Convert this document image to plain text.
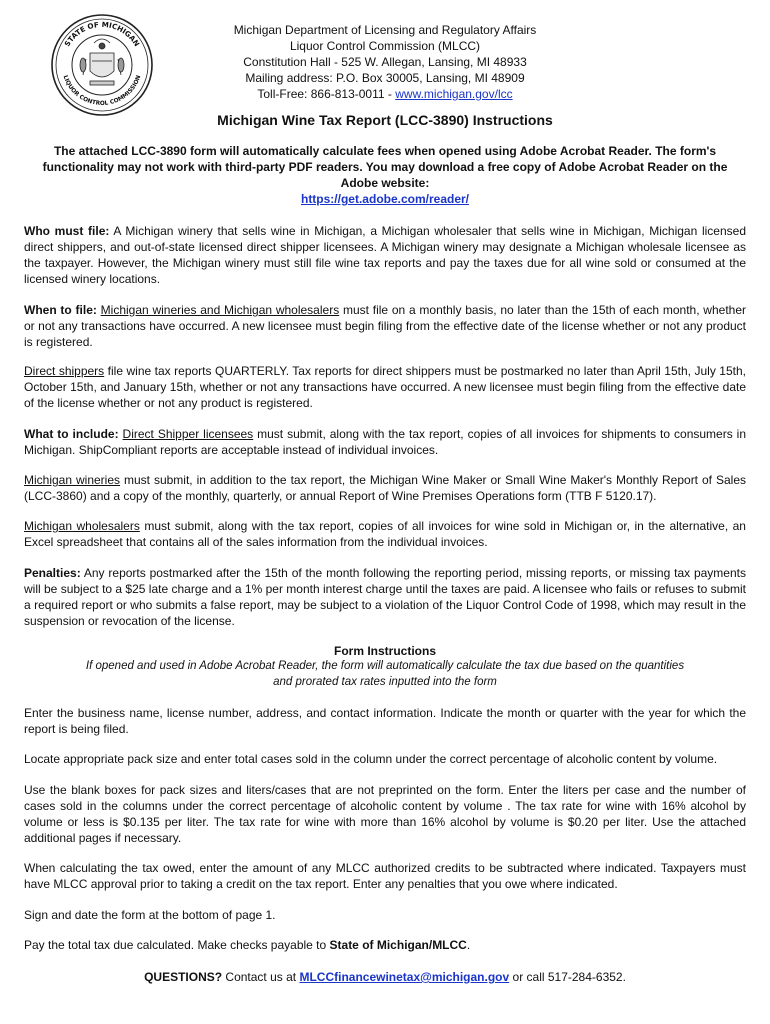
STATE OF MICHIGAN
LIQUOR CONTROL COMMISSION
Michigan Department of Licensing and Regulatory Affairs
Liquor Control Commission (MLCC)
Constitution Hall - 525 W. Allegan, Lansing, MI 48933
Mailing address: P.O. Box 30005, Lansing, MI 48909
Toll-Free: 866-813-0011 - www.michigan.gov/lcc
Michigan Wine Tax Report (LCC-3890) Instructions
The attached LCC-3890 form will automatically calculate fees when opened using Adobe Acrobat Reader. The form's functionality may not work with third-party PDF readers. You may download a free copy of Adobe Acrobat Reader on the Adobe website:
https://get.adobe.com/reader/
Who must file: A Michigan winery that sells wine in Michigan, a Michigan wholesaler that sells wine in Michigan, Michigan licensed direct shippers, and out-of-state licensed direct shipper licensees. A Michigan winery may designate a Michigan wholesale licensee as the taxpayer. However, the Michigan winery must still file wine tax reports and pay the taxes due for all wine sold or consumed at the licensed winery locations.
When to file: Michigan wineries and Michigan wholesalers must file on a monthly basis, no later than the 15th of each month, whether or not any transactions have occurred. A new licensee must begin filing from the effective date of the license whether or not any product is registered.
Direct shippers file wine tax reports QUARTERLY. Tax reports for direct shippers must be postmarked no later than April 15th, July 15th, October 15th, and January 15th, whether or not any transactions have occurred. A new licensee must begin filing from the effective date of the license whether or not any product is registered.
What to include: Direct Shipper licensees must submit, along with the tax report, copies of all invoices for shipments to consumers in Michigan. ShipCompliant reports are acceptable instead of individual invoices.
Michigan wineries must submit, in addition to the tax report, the Michigan Wine Maker or Small Wine Maker's Monthly Report of Sales (LCC-3860) and a copy of the monthly, quarterly, or annual Report of Wine Premises Operations form (TTB F 5120.17).
Michigan wholesalers must submit, along with the tax report, copies of all invoices for wine sold in Michigan or, in the alternative, an Excel spreadsheet that contains all of the sales information from the individual invoices.
Penalties: Any reports postmarked after the 15th of the month following the reporting period, missing reports, or missing tax payments will be subject to a $25 late charge and a 1% per month interest charge until the taxes are paid. A licensee who fails or refuses to submit a required report or who submits a false report, may be subject to a violation of the Liquor Control Code of 1998, which may result in the suspension or revocation of the license.
Form Instructions
If opened and used in Adobe Acrobat Reader, the form will automatically calculate the tax due based on the quantities
and prorated tax rates inputted into the form
Enter the business name, license number, address, and contact information. Indicate the month or quarter with the year for which the report is being filed.
Locate appropriate pack size and enter total cases sold in the column under the correct percentage of alcoholic content by volume.
Use the blank boxes for pack sizes and liters/cases that are not preprinted on the form. Enter the liters per case and the number of cases sold in the columns under the correct percentage of alcoholic content by volume . The tax rate for wine with 16% alcohol by volume or less is $0.135 per liter. The tax rate for wine with more than 16% alcohol by volume is $0.20 per liter. Use the attached additional pages if necessary.
When calculating the tax owed, enter the amount of any MLCC authorized credits to be subtracted where indicated. Taxpayers must have MLCC approval prior to taking a credit on the tax report. Enter any penalties that you owe where indicated.
Sign and date the form at the bottom of page 1.
Pay the total tax due calculated. Make checks payable to State of Michigan/MLCC.
QUESTIONS? Contact us at MLCCfinancewinetax@michigan.gov or call 517-284-6352.
